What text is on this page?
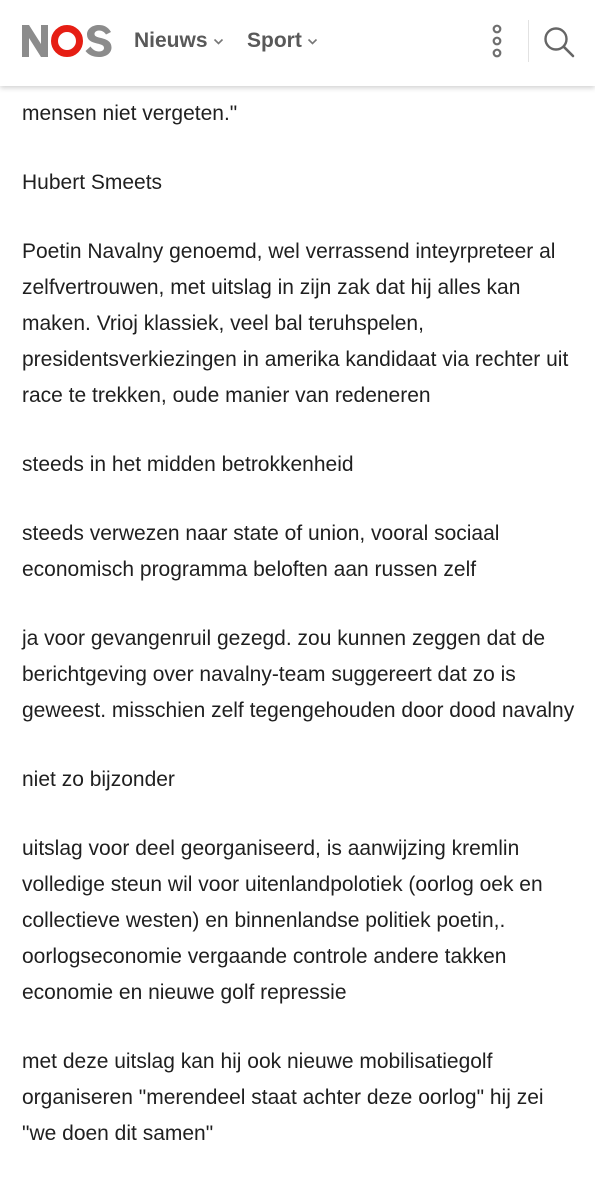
Nieuws Sport

mensen niet vergeten."

Hubert Smeets

Poetin Navalny genoemd, wel verrassend inteyrpreteer al zelfvertrouwen, met uitslag in zijn zak dat hij alles kan maken. Vrioj klassiek, veel bal teruhspelen, presidentsverkiezingen in amerika kandidaat via rechter uit race te trekken, oude manier van redeneren

steeds in het midden betrokkenheid

steeds verwezen naar state of union, vooral sociaal economisch programma beloften aan russen zelf

ja voor gevangenruil gezegd. zou kunnen zeggen dat de berichtgeving over navalny-team suggereert dat zo is geweest. misschien zelf tegengehouden door dood navalny

niet zo bijzonder

uitslag voor deel georganiseerd, is aanwijzing kremlin volledige steun wil voor uitenlandpolotiek (oorlog oek en collectieve westen) en binnenlandse politiek poetin,. oorlogseconomie vergaande controle andere takken economie en nieuwe golf repressie

met deze uitslag kan hij ook nieuwe mobilisatiegolf organiseren "merendeel staat achter deze oorlog" hij zei "we doen dit samen"
